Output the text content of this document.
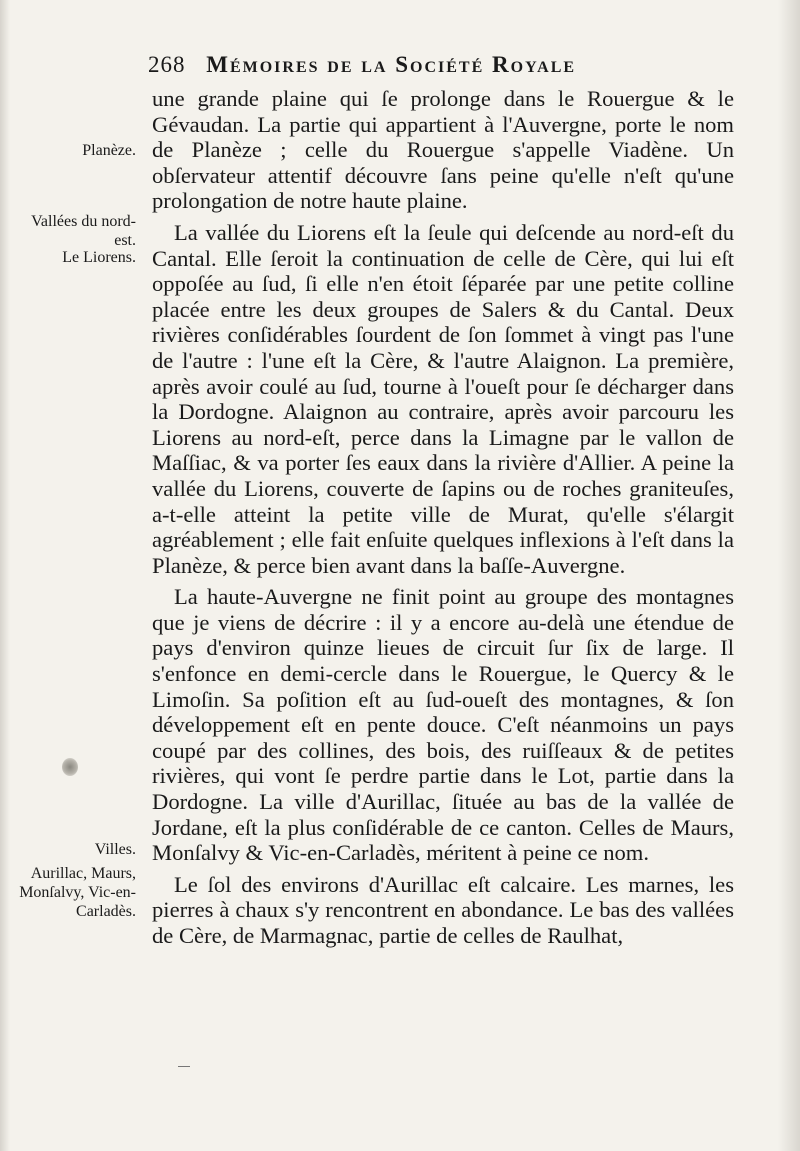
268 Mémoires de la Société Royale
Planèze.
Vallées du nord-est.
Le Liorens.
Villes.
Aurillac, Maurs, Monſalvy, Vic-en-Carladès.

une grande plaine qui ſe prolonge dans le Rouergue & le Gévaudan. La partie qui appartient à l'Auvergne, porte le nom de Planèze ; celle du Rouergue s'appelle Viadène. Un obſervateur attentif découvre ſans peine qu'elle n'eſt qu'une prolongation de notre haute plaine.

La vallée du Liorens eſt la ſeule qui deſcende au nord-eſt du Cantal. Elle ſeroit la continuation de celle de Cère, qui lui eſt oppoſée au ſud, ſi elle n'en étoit ſéparée par une petite colline placée entre les deux groupes de Salers & du Cantal. Deux rivières conſidérables ſourdent de ſon ſommet à vingt pas l'une de l'autre : l'une eſt la Cère, & l'autre Alaignon. La première, après avoir coulé au ſud, tourne à l'oueſt pour ſe décharger dans la Dordogne. Alaignon au contraire, après avoir parcouru les Liorens au nord-eſt, perce dans la Limagne par le vallon de Maſſiac, & va porter ſes eaux dans la rivière d'Allier. A peine la vallée du Liorens, couverte de ſapins ou de roches graniteuſes, a-t-elle atteint la petite ville de Murat, qu'elle s'élargit agréablement ; elle fait enſuite quelques inflexions à l'eſt dans la Planèze, & perce bien avant dans la baſſe-Auvergne.

La haute-Auvergne ne finit point au groupe des montagnes que je viens de décrire : il y a encore au-delà une étendue de pays d'environ quinze lieues de circuit ſur ſix de large. Il s'enfonce en demi-cercle dans le Rouergue, le Quercy & le Limoſin. Sa poſition eſt au ſud-oueſt des montagnes, & ſon développement eſt en pente douce. C'eſt néanmoins un pays coupé par des collines, des bois, des ruiſſeaux & de petites rivières, qui vont ſe perdre partie dans le Lot, partie dans la Dordogne. La ville d'Aurillac, ſituée au bas de la vallée de Jordane, eſt la plus conſidérable de ce canton. Celles de Maurs, Monſalvy & Vic-en-Carladès, méritent à peine ce nom.

Le ſol des environs d'Aurillac eſt calcaire. Les marnes, les pierres à chaux s'y rencontrent en abondance. Le bas des vallées de Cère, de Marmagnac, partie de celles de Raulhat,
